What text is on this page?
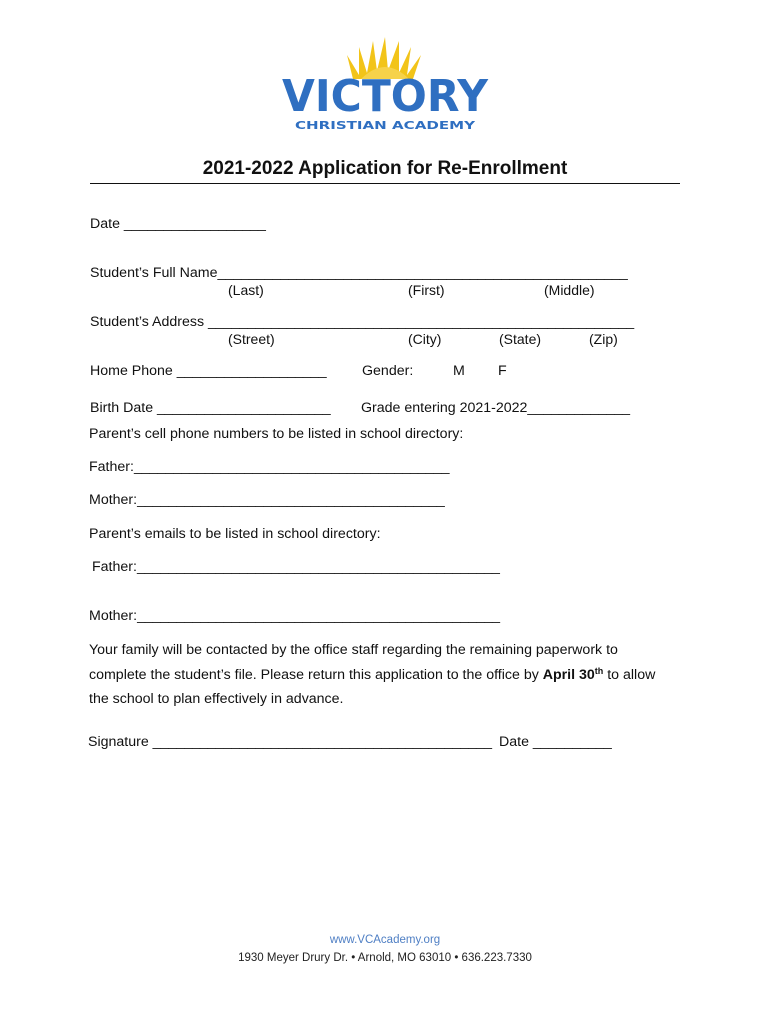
VICTORY
CHRISTIAN ACADEMY
2021-2022 Application for Re-Enrollment
Date __________________
Student’s Full Name____________________________________________________
(Last)	(First)	(Middle)
Student’s Address ______________________________________________________
(Street)	(City)	(State)	(Zip)
Home Phone ___________________ Gender:	M F
Birth Date ______________________ Grade entering 2021-2022_____________
Parent’s cell phone numbers to be listed in school directory:
Father:________________________________________
Mother:_______________________________________
Parent’s emails to be listed in school directory:
Father:______________________________________________
Mother:______________________________________________
Your family will be contacted by the office staff regarding the remaining paperwork to complete the student’s file. Please return this application to the office by April 30th to allow the school to plan effectively in advance.
Signature ___________________________________________ Date __________
www.VCAcademy.org
1930 Meyer Drury Dr. • Arnold, MO 63010 • 636.223.7330
